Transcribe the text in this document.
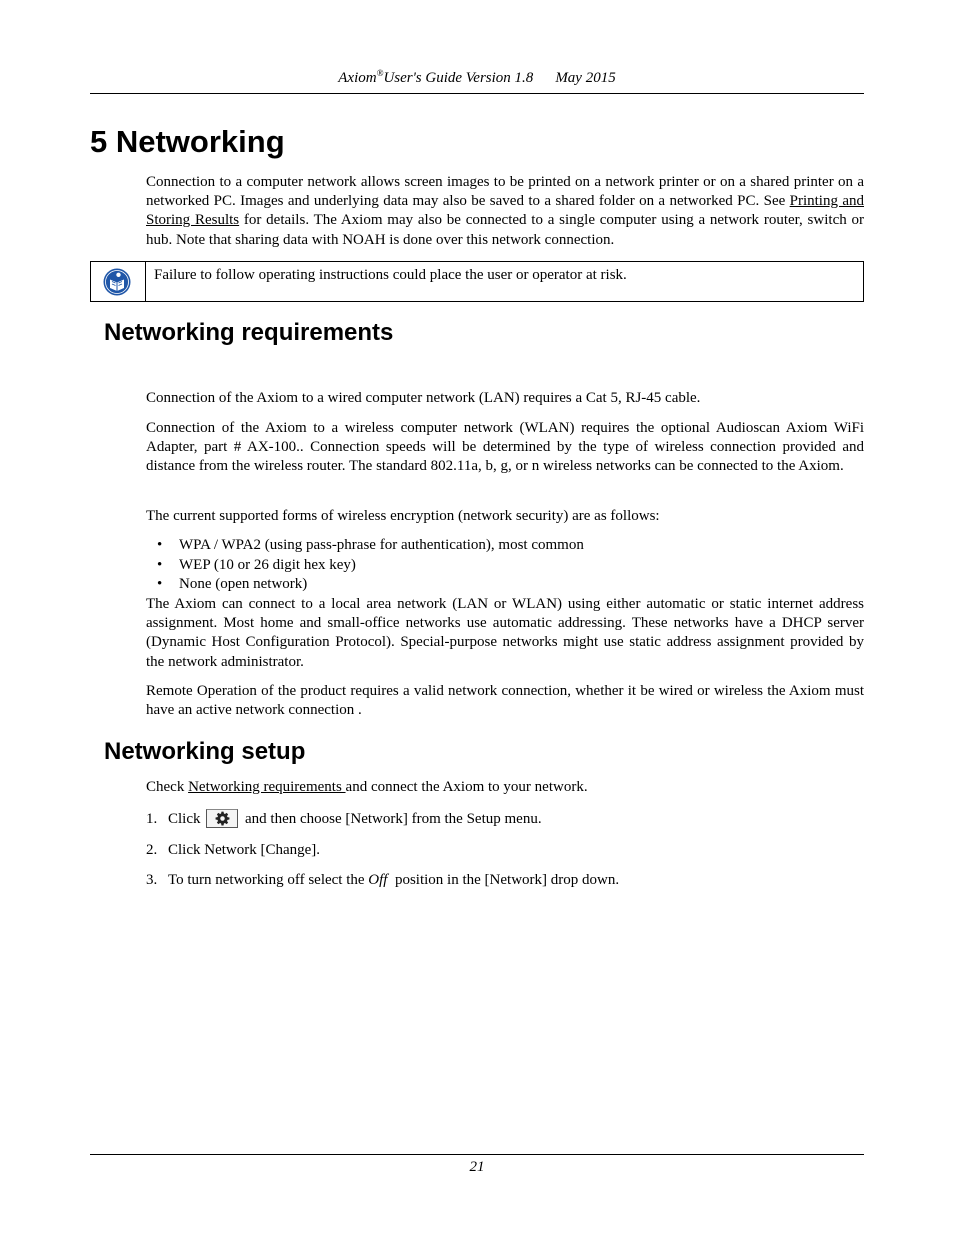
Axiom®User's Guide Version 1.8 May 2015
5 Networking

Connection to a computer network allows screen images to be printed on a network printer or on a shared printer on a networked PC. Images and underlying data may also be saved to a shared folder on a networked PC. See Printing and Storing Results for details. The Axiom may also be connected to a single computer using a network router, switch or hub. Note that sharing data with NOAH is done over this network connection.

Failure to follow operating instructions could place the user or operator at risk.
Networking requirements

Connection of the Axiom to a wired computer network (LAN) requires a Cat 5, RJ-45 cable.

Connection of the Axiom to a wireless computer network (WLAN) requires the optional Audioscan Axiom WiFi Adapter, part # AX-100.. Connection speeds will be determined by the type of wireless connection provided and distance from the wireless router. The standard 802.11a, b, g, or n wireless networks can be connected to the Axiom.

The current supported forms of wireless encryption (network security) are as follows:

• WPA / WPA2 (using pass-phrase for authentication), most common
• WEP (10 or 26 digit hex key)
• None (open network)

The Axiom can connect to a local area network (LAN or WLAN) using either automatic or static internet address assignment. Most home and small-office networks use automatic addressing. These networks have a DHCP server (Dynamic Host Configuration Protocol). Special-purpose networks might use static address assignment provided by the network administrator.

Remote Operation of the product requires a valid network connection, whether it be wired or wireless the Axiom must have an active network connection .

Networking setup

Check Networking requirements and connect the Axiom to your network.

1. Click	and then choose [Network] from the Setup menu.
2. Click Network [Change].
3. To turn networking off select the Off  position in the [Network] drop down.
21
